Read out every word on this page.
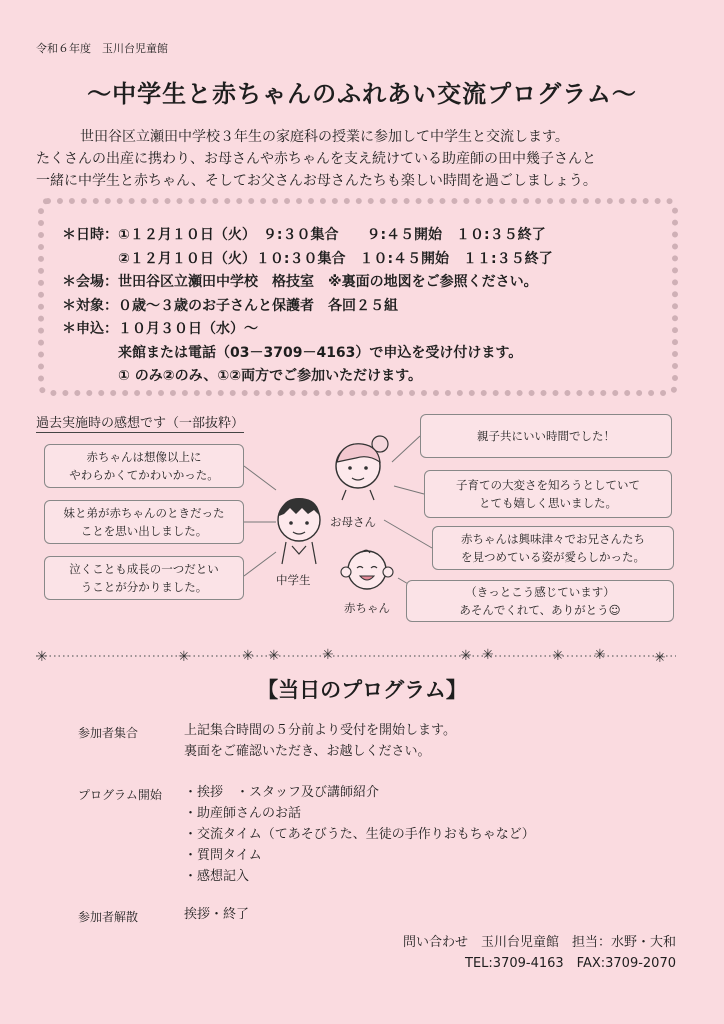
令和６年度　玉川台児童館
～中学生と赤ちゃんのふれあい交流プログラム～

世田谷区立瀬田中学校３年生の家庭科の授業に参加して中学生と交流します。

たくさんの出産に携わり、お母さんや赤ちゃんを支え続けている助産師の田中幾子さんと

一緒に中学生と赤ちゃん、そしてお父さんお母さんたちも楽しい時間を過ごしましょう。

＊日時：①１２月１０日（火）　９:３０集合　　９:４５開始　１０:３５終了
　　　　②１２月１０日（火）１０:３０集合　１０:４５開始　１１:３５終了
＊会場：世田谷区立瀬田中学校　格技室　※裏面の地図をご参照ください。
＊対象：０歳～３歳のお子さんと保護者　各回２５組
＊申込：１０月３０日（水）～
　　　　来館または電話（03－3709－4163）で申込を受け付けます。
　　　　① のみ②のみ、①②両方でご参加いただけます。
過去実施時の感想です（一部抜粋）
赤ちゃんは想像以上に
やわらかくてかわいかった。
妹と弟が赤ちゃんのときだった
ことを思い出しました。
泣くことも成長の一つだとい
うことが分かりました。
親子共にいい時間でした！
子育ての大変さを知ろうとしていて
とても嬉しく思いました。
赤ちゃんは興味津々でお兄さんたち
を見つめている姿が愛らしかった。
（きっとこう感じています）
あそんでくれて、ありがとう☺
お母さん
中学生
赤ちゃん
✳	✳	✳ ✳	✳	✳ ✳	✳ ✳	✳
【当日のプログラム】
参加者集合	上記集合時間の５分前より受付を開始します。
裏面をご確認いただき、お越しください。
プログラム開始 ・挨拶　・スタッフ及び講師紹介
・助産師さんのお話
・交流タイム（てあそびうた、生徒の手作りおもちゃなど）
・質問タイム
・感想記入
参加者解散	挨拶・終了
問い合わせ　玉川台児童館　担当：水野・大和
TEL:3709-4163　FAX:3709-2070
